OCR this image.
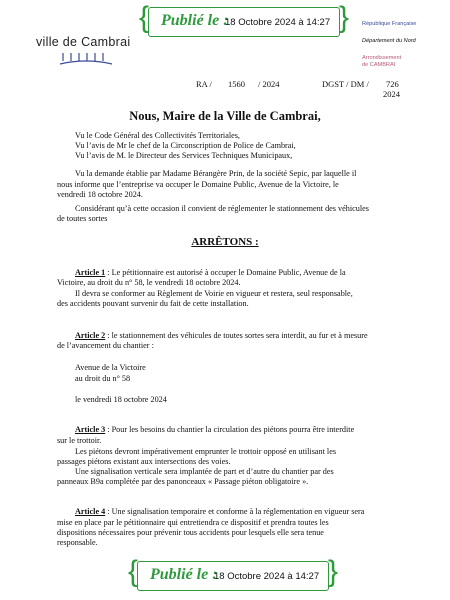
{ Publié le :
18 Octobre 2024 à 14:27 }
ville de Cambrai
République Française
Département du Nord
Arrondissement
de CAMBRAI
RA / 1560 / 2024	DGST / DM / 726
2024
Nous, Maire de la Ville de Cambrai,
Vu le Code Général des Collectivités Territoriales,
Vu l’avis de Mr le chef de la Circonscription de Police de Cambrai,
Vu l’avis de M. le Directeur des Services Techniques Municipaux,
Vu la demande établie par Madame Bérangère Prin, de la société Sepic, par laquelle il
nous informe que l’entreprise va occuper le Domaine Public, Avenue de la Victoire, le
vendredi 18 octobre 2024.
Considérant qu’à cette occasion il convient de réglementer le stationnement des véhicules
de toutes sortes
ARRÊTONS :
Article 1 : Le pétitionnaire est autorisé à occuper le Domaine Public, Avenue de la
Victoire, au droit du n° 58, le vendredi 18 octobre 2024.
Il devra se conformer au Règlement de Voirie en vigueur et restera, seul responsable,
des accidents pouvant survenir du fait de cette installation.
Article 2 : le stationnement des véhicules de toutes sortes sera interdit, au fur et à mesure
de l’avancement du chantier :
Avenue de la Victoire
au droit du n° 58
le vendredi 18 octobre 2024
Article 3 : Pour les besoins du chantier la circulation des piétons pourra être interdite
sur le trottoir.
Les piétons devront impérativement emprunter le trottoir opposé en utilisant les
passages piétons existant aux intersections des voies.
Une signalisation verticale sera implantée de part et d’autre du chantier par des
panneaux B9a complétée par des panonceaux « Passage piéton obligatoire ».
Article 4 : Une signalisation temporaire et conforme à la réglementation en vigueur sera
mise en place par le pétitionnaire qui entretiendra ce dispositif et prendra toutes les
dispositions nécessaires pour prévenir tous accidents pour lesquels elle sera tenue
responsable.
{ Publié le :
18 Octobre 2024 à 14:27 }
